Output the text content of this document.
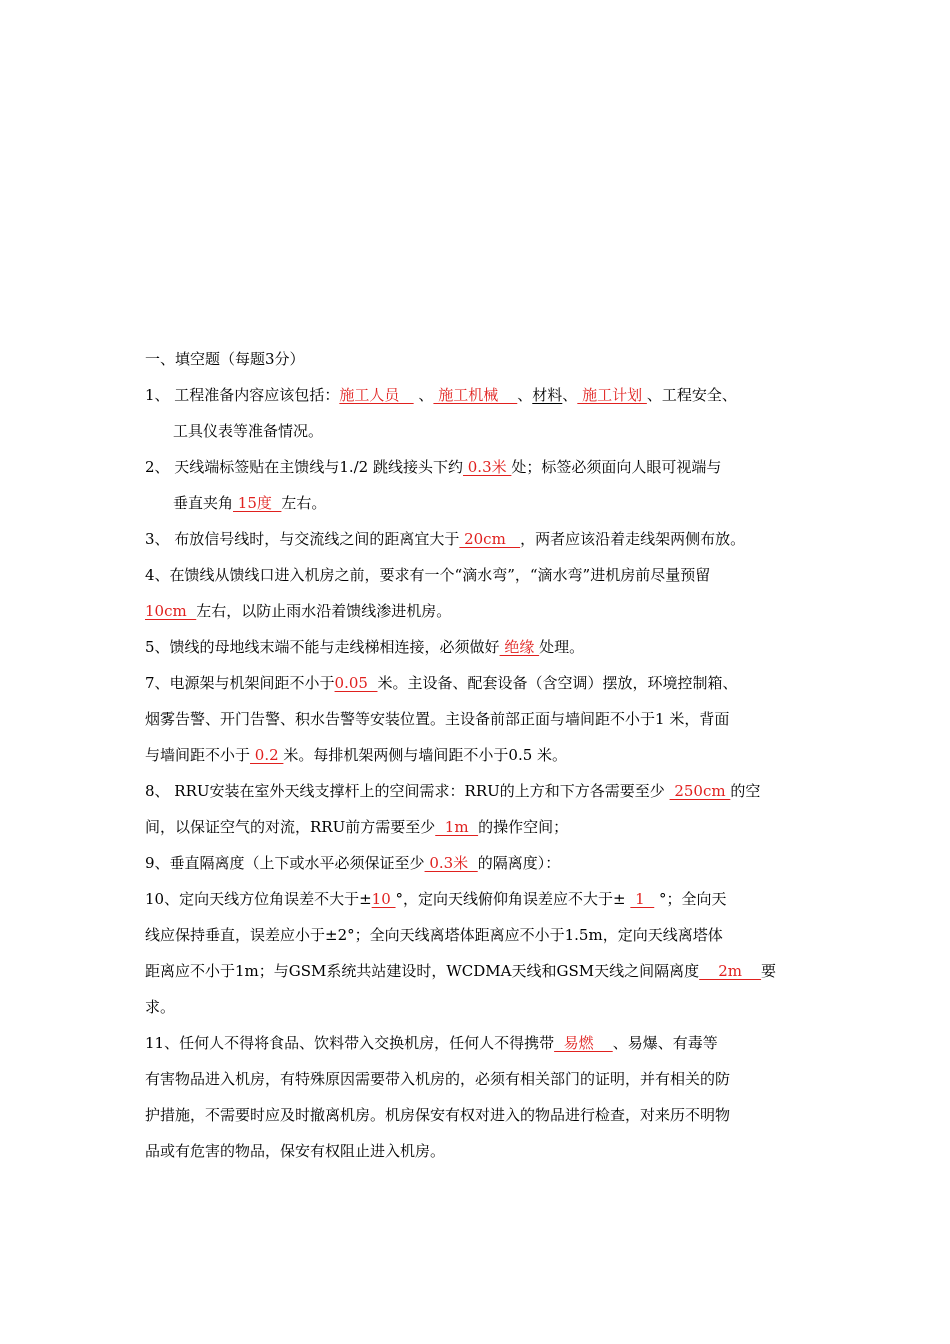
一、填空题（每题3分）
1、 工程准备内容应该包括：施工人员    、 施工机械    、材料、 施工计划 、工程安全、
工具仪表等准备情况。
2、 天线端标签贴在主馈线与1./2 跳线接头下约 0.3米 处；标签必须面向人眼可视端与
垂直夹角 15度  左右。
3、 布放信号线时，与交流线之间的距离宜大于 20cm   ，两者应该沿着走线架两侧布放。
4、在馈线从馈线口进入机房之前，要求有一个“滴水弯”，“滴水弯”进机房前尽量预留
10cm  左右，以防止雨水沿着馈线渗进机房。
5、馈线的母地线末端不能与走线梯相连接，必须做好 绝缘 处理。
7、电源架与机架间距不小于0.05  米。主设备、配套设备（含空调）摆放，环境控制箱、
烟雾告警、开门告警、积水告警等安装位置。主设备前部正面与墙间距不小于1 米，背面
与墙间距不小于 0.2 米。每排机架两侧与墙间距不小于0.5 米。
8、 RRU安装在室外天线支撑杆上的空间需求：RRU的上方和下方各需要至少  250cm 的空
间，以保证空气的对流，RRU前方需要至少  1m  的操作空间；
9、垂直隔离度（上下或水平必须保证至少 0.3米  的隔离度）：
10、定向天线方位角误差不大于±10 °，定向天线俯仰角误差应不大于±  1   °；全向天
线应保持垂直，误差应小于±2°；全向天线离塔体距离应不小于1.5m，定向天线离塔体
距离应不小于1m；与GSM系统共站建设时，WCDMA天线和GSM天线之间隔离度    2m    要
求。
11、任何人不得将食品、饮料带入交换机房，任何人不得携带  易燃    、易爆、有毒等
有害物品进入机房，有特殊原因需要带入机房的，必须有相关部门的证明，并有相关的防
护措施，不需要时应及时撤离机房。机房保安有权对进入的物品进行检查，对来历不明物
品或有危害的物品，保安有权阻止进入机房。
